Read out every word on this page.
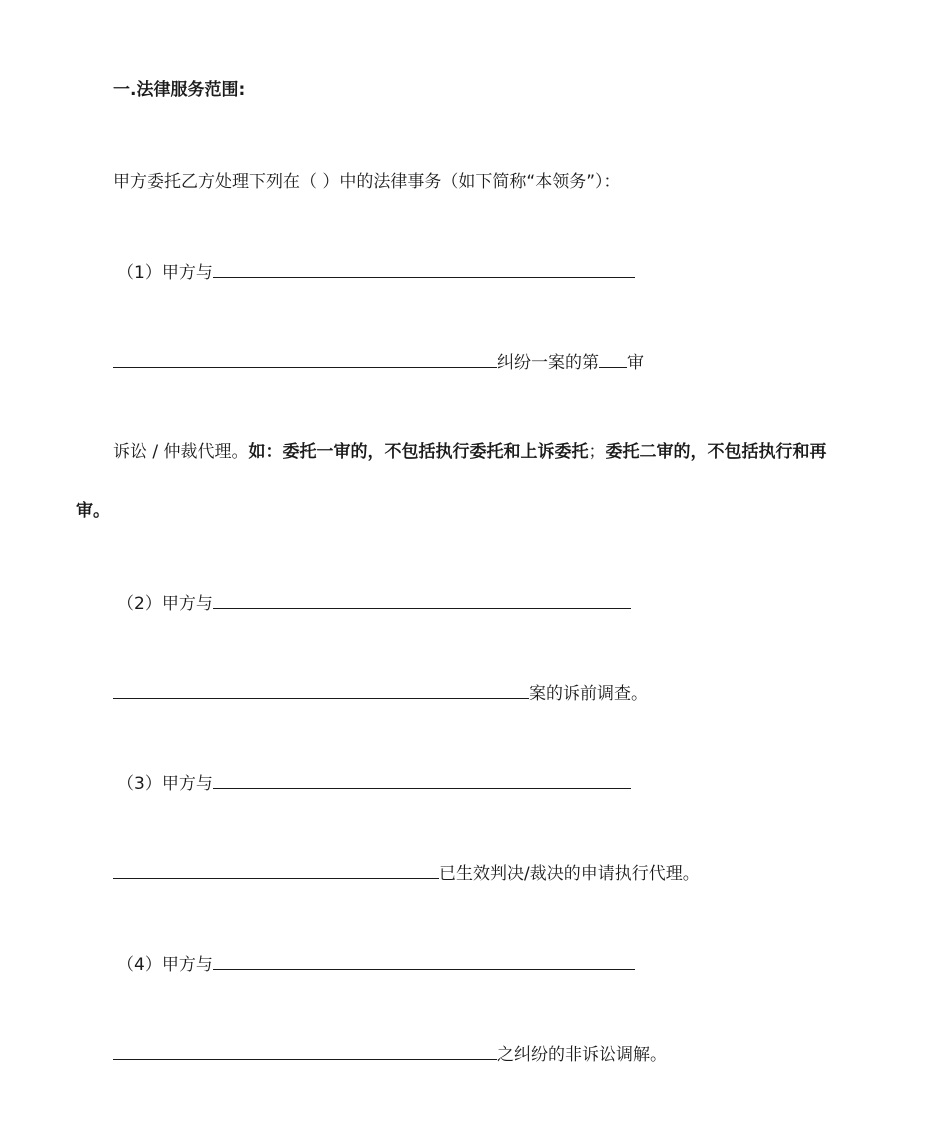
一.法律服务范围:
甲方委托乙方处理下列在（ ）中的法律事务（如下简称“本领务”）：
（1）甲方与
纠纷一案的第 审
诉讼 / 仲裁代理。如：委托一审的，不包括执行委托和上诉委托；委托二审的，不包括执行和再
审。
（2）甲方与
案的诉前调查。
（3）甲方与
已生效判决/裁决的申请执行代理。
（4）甲方与
之纠纷的非诉讼调解。
